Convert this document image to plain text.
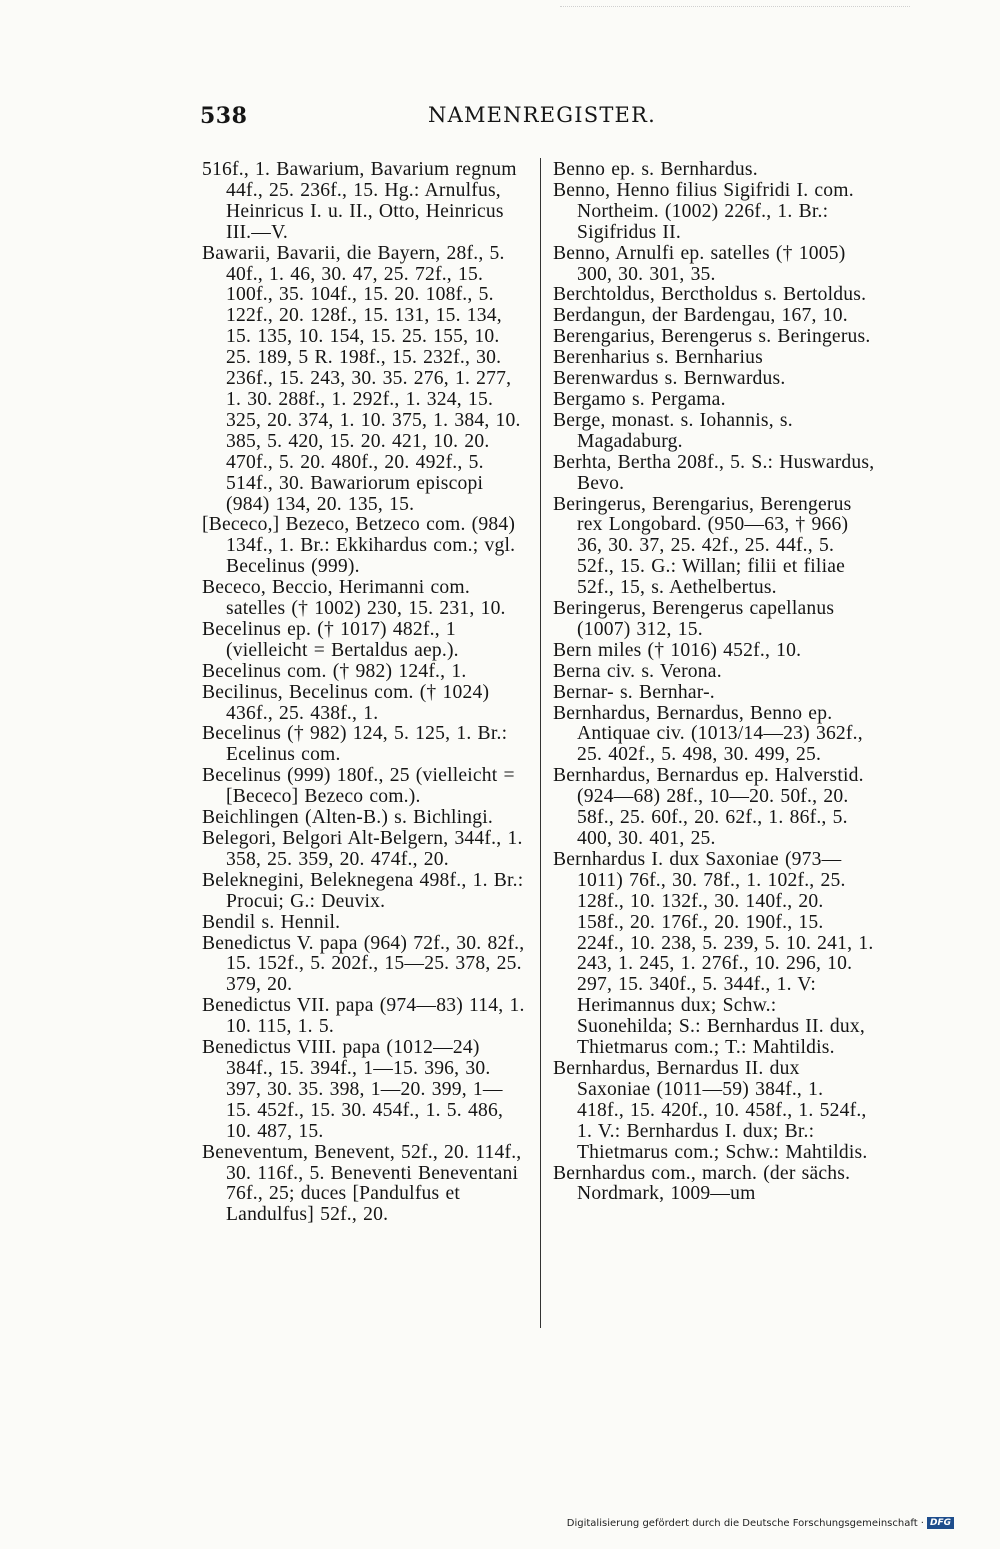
538	NAMENREGISTER.

516f., 1. Bawarium, Bavarium regnum 44f., 25. 236f., 15. Hg.: Arnulfus, Heinricus I. u. II., Otto, Heinricus III.—V.

Bawarii, Bavarii, die Bayern, 28f., 5. 40f., 1. 46, 30. 47, 25. 72f., 15. 100f., 35. 104f., 15. 20. 108f., 5. 122f., 20. 128f., 15. 131, 15. 134, 15. 135, 10. 154, 15. 25. 155, 10. 25. 189, 5 R. 198f., 15. 232f., 30. 236f., 15. 243, 30. 35. 276, 1. 277, 1. 30. 288f., 1. 292f., 1. 324, 15. 325, 20. 374, 1. 10. 375, 1. 384, 10. 385, 5. 420, 15. 20. 421, 10. 20. 470f., 5. 20. 480f., 20. 492f., 5. 514f., 30. Bawariorum episcopi (984) 134, 20. 135, 15.

[Bececo,] Bezeco, Betzeco com. (984) 134f., 1. Br.: Ekkihardus com.; vgl. Becelinus (999).

Bececo, Beccio, Herimanni com. satelles († 1002) 230, 15. 231, 10.

Becelinus ep. († 1017) 482f., 1 (vielleicht = Bertaldus aep.).

Becelinus com. († 982) 124f., 1.

Becilinus, Becelinus com. († 1024) 436f., 25. 438f., 1.

Becelinus († 982) 124, 5. 125, 1. Br.: Ecelinus com.

Becelinus (999) 180f., 25 (vielleicht = [Bececo] Bezeco com.).

Beichlingen (Alten-B.) s. Bichlingi.

Belegori, Belgori Alt-Belgern, 344f., 1. 358, 25. 359, 20. 474f., 20.

Beleknegini, Beleknegena 498f., 1. Br.: Procui; G.: Deuvix.

Bendil s. Hennil.

Benedictus V. papa (964) 72f., 30. 82f., 15. 152f., 5. 202f., 15—25. 378, 25. 379, 20.

Benedictus VII. papa (974—83) 114, 1. 10. 115, 1. 5.

Benedictus VIII. papa (1012—24) 384f., 15. 394f., 1—15. 396, 30. 397, 30. 35. 398, 1—20. 399, 1—15. 452f., 15. 30. 454f., 1. 5. 486, 10. 487, 15.

Beneventum, Benevent, 52f., 20. 114f., 30. 116f., 5. Beneventi Beneventani 76f., 25; duces [Pandulfus et Landulfus] 52f., 20.

Benno ep. s. Bernhardus.

Benno, Henno filius Sigifridi I. com. Northeim. (1002) 226f., 1. Br.: Sigifridus II.

Benno, Arnulfi ep. satelles († 1005) 300, 30. 301, 35.

Berchtoldus, Berctholdus s. Bertoldus.

Berdangun, der Bardengau, 167, 10.

Berengarius, Berengerus s. Beringerus.

Berenharius s. Bernharius

Berenwardus s. Bernwardus.

Bergamo s. Pergama.

Berge, monast. s. Iohannis, s. Magadaburg.

Berhta, Bertha 208f., 5. S.: Huswardus, Bevo.

Beringerus, Berengarius, Berengerus rex Longobard. (950—63, † 966) 36, 30. 37, 25. 42f., 25. 44f., 5. 52f., 15. G.: Willan; filii et filiae 52f., 15, s. Aethelbertus.

Beringerus, Berengerus capellanus (1007) 312, 15.

Bern miles († 1016) 452f., 10.

Berna civ. s. Verona.

Bernar- s. Bernhar-.

Bernhardus, Bernardus, Benno ep. Antiquae civ. (1013/14—23) 362f., 25. 402f., 5. 498, 30. 499, 25.

Bernhardus, Bernardus ep. Halverstid. (924—68) 28f., 10—20. 50f., 20. 58f., 25. 60f., 20. 62f., 1. 86f., 5. 400, 30. 401, 25.

Bernhardus I. dux Saxoniae (973—1011) 76f., 30. 78f., 1. 102f., 25. 128f., 10. 132f., 30. 140f., 20. 158f., 20. 176f., 20. 190f., 15. 224f., 10. 238, 5. 239, 5. 10. 241, 1. 243, 1. 245, 1. 276f., 10. 296, 10. 297, 15. 340f., 5. 344f., 1. V: Herimannus dux; Schw.: Suonehilda; S.: Bernhardus II. dux, Thietmarus com.; T.: Mahtildis.

Bernhardus, Bernardus II. dux Saxoniae (1011—59) 384f., 1. 418f., 15. 420f., 10. 458f., 1. 524f., 1. V.: Bernhardus I. dux; Br.: Thietmarus com.; Schw.: Mahtildis.

Bernhardus com., march. (der sächs. Nordmark, 1009—um

Digitalisierung gefördert durch die Deutsche Forschungsgemeinschaft · DFG
